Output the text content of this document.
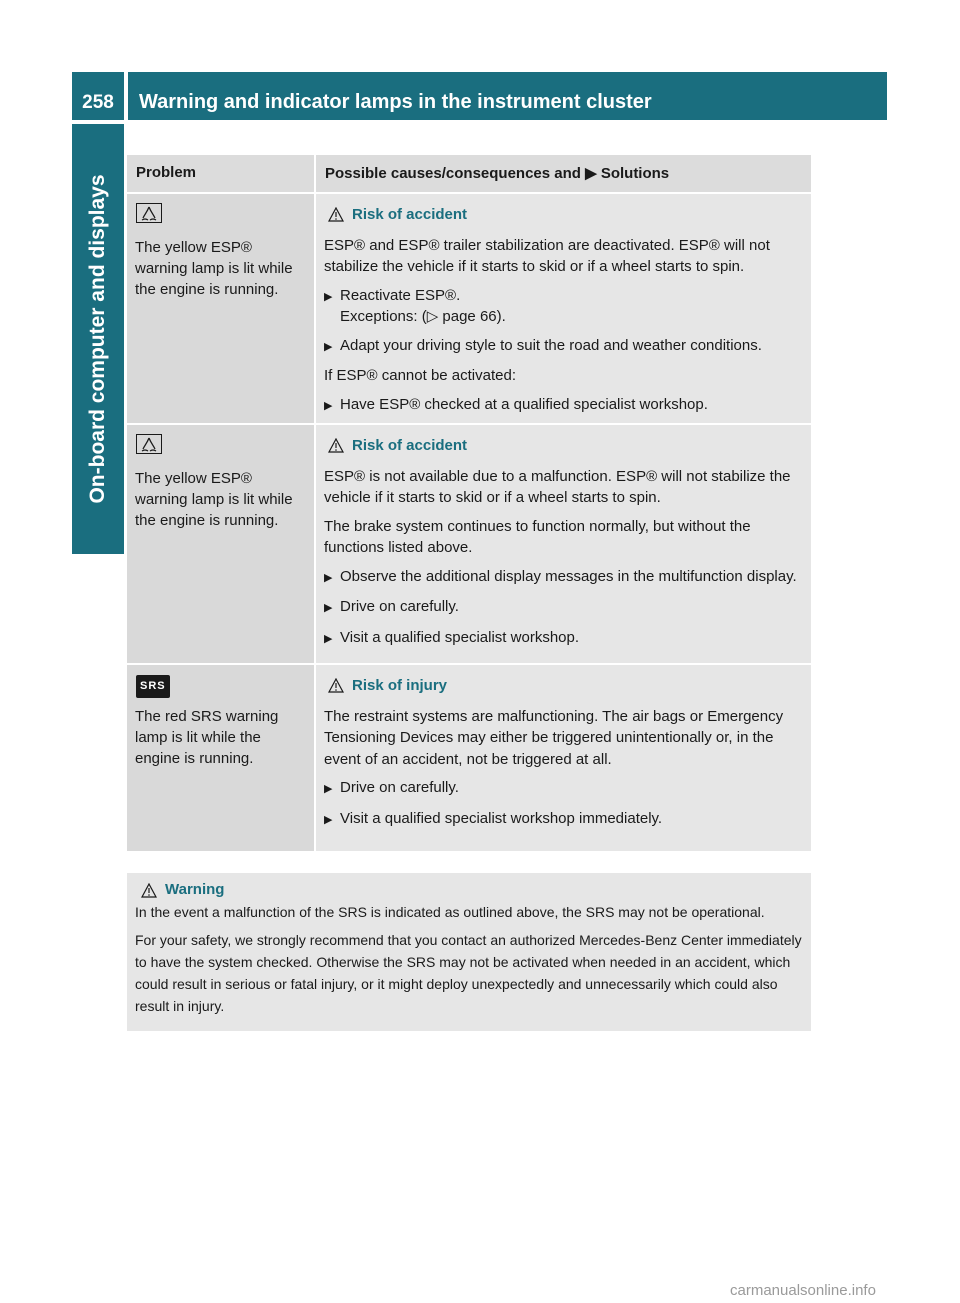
258	Warning and indicator lamps in the instrument cluster
On-board computer and displays
Problem	Possible causes/consequences and ▶ Solutions
The yellow ESP® warning lamp is lit while the engine is running.
Risk of accident
ESP® and ESP® trailer stabilization are deactivated. ESP® will not stabilize the vehicle if it starts to skid or if a wheel starts to spin.
▶ Reactivate ESP®.
Exceptions: (▷ page 66).
▶ Adapt your driving style to suit the road and weather conditions.
If ESP® cannot be activated:
▶ Have ESP® checked at a qualified specialist workshop.
The yellow ESP® warning lamp is lit while the engine is running.
Risk of accident
ESP® is not available due to a malfunction. ESP® will not stabilize the vehicle if it starts to skid or if a wheel starts to spin.
The brake system continues to function normally, but without the functions listed above.
▶ Observe the additional display messages in the multifunction display.
▶ Drive on carefully.
▶ Visit a qualified specialist workshop.
SRS
The red SRS warning lamp is lit while the engine is running.
Risk of injury
The restraint systems are malfunctioning. The air bags or Emergency Tensioning Devices may either be triggered unintentionally or, in the event of an accident, not be triggered at all.
▶ Drive on carefully.
▶ Visit a qualified specialist workshop immediately.
Warning

In the event a malfunction of the SRS is indicated as outlined above, the SRS may not be operational.

For your safety, we strongly recommend that you contact an authorized Mercedes-Benz Center immediately to have the system checked. Otherwise the SRS may not be activated when needed in an accident, which could result in serious or fatal injury, or it might deploy unexpectedly and unnecessarily which could also result in injury.

carmanualsonline.info
